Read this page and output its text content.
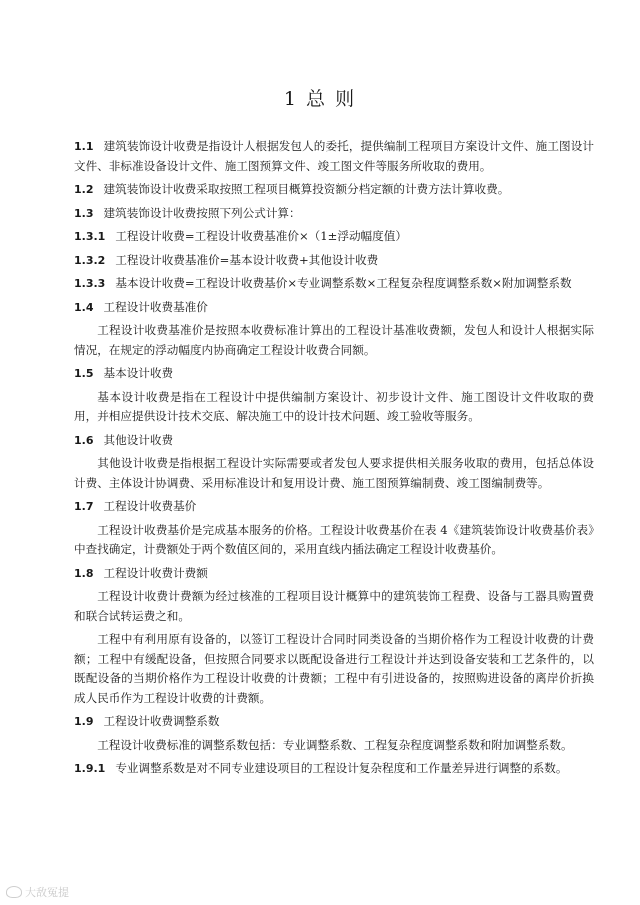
1 总 则

1.1 建筑装饰设计收费是指设计人根据发包人的委托，提供编制工程项目方案设计文件、施工图设计文件、非标准设备设计文件、施工图预算文件、竣工图文件等服务所收取的费用。

1.2 建筑装饰设计收费采取按照工程项目概算投资额分档定额的计费方法计算收费。

1.3 建筑装饰设计收费按照下列公式计算：

1.3.1 工程设计收费=工程设计收费基准价×（1±浮动幅度值）

1.3.2 工程设计收费基准价=基本设计收费+其他设计收费

1.3.3 基本设计收费=工程设计收费基价×专业调整系数×工程复杂程度调整系数×附加调整系数

1.4 工程设计收费基准价

工程设计收费基准价是按照本收费标准计算出的工程设计基准收费额，发包人和设计人根据实际情况，在规定的浮动幅度内协商确定工程设计收费合同额。

1.5 基本设计收费

基本设计收费是指在工程设计中提供编制方案设计、初步设计文件、施工图设计文件收取的费用，并相应提供设计技术交底、解决施工中的设计技术问题、竣工验收等服务。

1.6 其他设计收费

其他设计收费是指根据工程设计实际需要或者发包人要求提供相关服务收取的费用，包括总体设计费、主体设计协调费、采用标准设计和复用设计费、施工图预算编制费、竣工图编制费等。

1.7 工程设计收费基价

工程设计收费基价是完成基本服务的价格。工程设计收费基价在表 4《建筑装饰设计收费基价表》中查找确定，计费额处于两个数值区间的，采用直线内插法确定工程设计收费基价。

1.8 工程设计收费计费额

工程设计收费计费额为经过核准的工程项目设计概算中的建筑装饰工程费、设备与工器具购置费和联合试转运费之和。

工程中有利用原有设备的，以签订工程设计合同时同类设备的当期价格作为工程设计收费的计费额；工程中有缓配设备，但按照合同要求以既配设备进行工程设计并达到设备安装和工艺条件的，以既配设备的当期价格作为工程设计收费的计费额；工程中有引进设备的，按照购进设备的离岸价折换成人民币作为工程设计收费的计费额。

1.9 工程设计收费调整系数

工程设计收费标准的调整系数包括：专业调整系数、工程复杂程度调整系数和附加调整系数。

1.9.1 专业调整系数是对不同专业建设项目的工程设计复杂程度和工作量差异进行调整的系数。

大敌冤提
